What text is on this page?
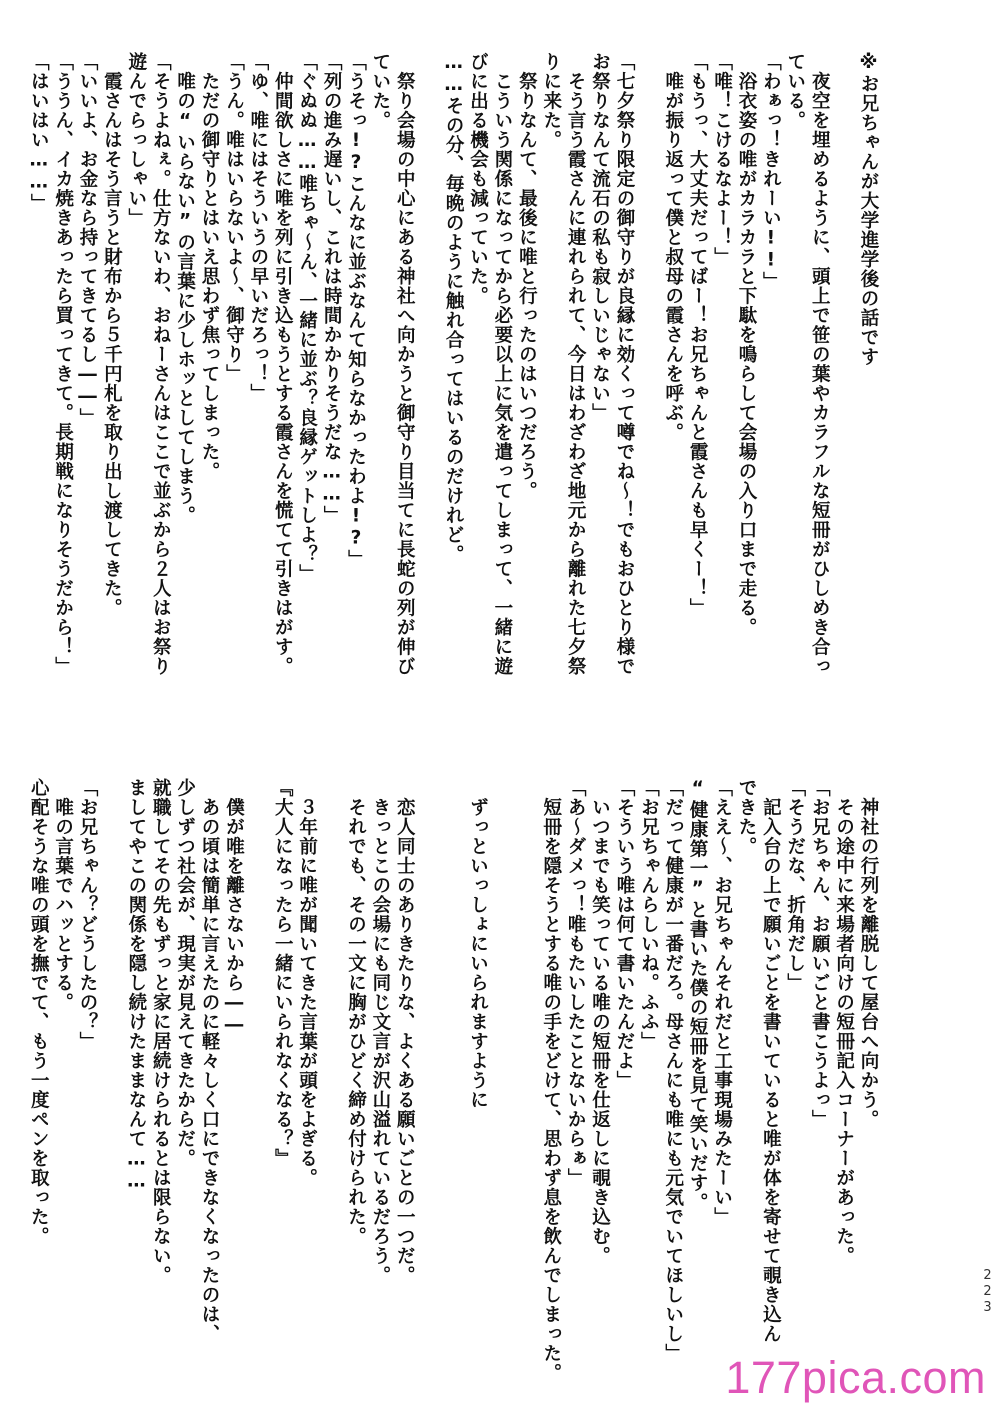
※お兄ちゃんが大学進学後の話です

　夜空を埋めるように、頭上で笹の葉やカラフルな短冊がひしめき合っ
ている。
「わぁっ！きれーい!!」
　浴衣姿の唯がカラカラと下駄を鳴らして会場の入り口まで走る。
「唯！こけるなよー！」
「もうっ、大丈夫だってばー！お兄ちゃんと霞さんも早くー！」
　唯が振り返って僕と叔母の霞さんを呼ぶ。

「七夕祭り限定の御守りが良縁に効くって噂でね～！でもおひとり様で
お祭りなんて流石の私も寂しいじゃない」
　そう言う霞さんに連れられて、今日はわざわざ地元から離れた七夕祭
りに来た。
　祭りなんて、最後に唯と行ったのはいつだろう。
　こういう関係になってから必要以上に気を遣ってしまって、一緒に遊
びに出る機会も減っていた。
……その分、毎晩のように触れ合ってはいるのだけれど。

　祭り会場の中心にある神社へ向かうと御守り目当てに長蛇の列が伸び
ていた。
「うそっ!?こんなに並ぶなんて知らなかったわよ!?」
「列の進み遅いし、これは時間かかりそうだな……」
「ぐぬぬ……唯ちゃ～ん、一緒に並ぶ？良縁ゲットしよ？」
　仲間欲しさに唯を列に引き込もうとする霞さんを慌てて引きはがす。
「ゆ、唯にはそういうの早いだろっ！」
「うん。唯はいらないよ～、御守り」
　ただの御守りとはいえ思わず焦ってしまった。
　唯の“いらない”の言葉に少しホッとしてしまう。
「そうよねぇ。仕方ないわ、おねーさんはここで並ぶから２人はお祭り
遊んでらっしゃい」
　霞さんはそう言うと財布から５千円札を取り出し渡してきた。
「いいよ、お金なら持ってきてるし――」
「ううん、イカ焼きあったら買ってきて。長期戦になりそうだから！」
「はいはい……」
　神社の行列を離脱して屋台へ向かう。
　その途中に来場者向けの短冊記入コーナーがあった。
「お兄ちゃん、お願いごと書こうよっ」
「そうだな、折角だし」
　記入台の上で願いごとを書いていると唯が体を寄せて覗き込ん
できた。
「ええ～、お兄ちゃんそれだと工事現場みたーい」
“健康第一”と書いた僕の短冊を見て笑いだす。
「だって健康が一番だろ。母さんにも唯にも元気でいてほしいし」
「お兄ちゃんらしいね。ふふ」
「そういう唯は何て書いたんだよ」
　いつまでも笑っている唯の短冊を仕返しに覗き込む。
「あ～ダメっ！唯もたいしたことないからぁ」
　短冊を隠そうとする唯の手をどけて、思わず息を飲んでしまった。

　ずっといっしょにいられますように

　恋人同士のありきたりな、よくある願いごとの一つだ。
　きっとこの会場にも同じ文言が沢山溢れているだろう。
　それでも、その一文に胸がひどく締め付けられた。

　３年前に唯が聞いてきた言葉が頭をよぎる。
『大人になったら一緒にいられなくなる？』

　僕が唯を離さないから――
　あの頃は簡単に言えたのに軽々しく口にできなくなったのは、
少しずつ社会が、現実が見えてきたからだ。
就職してその先もずっと家に居続けられるとは限らない。
ましてやこの関係を隠し続けたままなんて……

「お兄ちゃん？どうしたの？」
　唯の言葉でハッとする。
心配そうな唯の頭を撫でて、もう一度ペンを取った。
223
177pica.com
